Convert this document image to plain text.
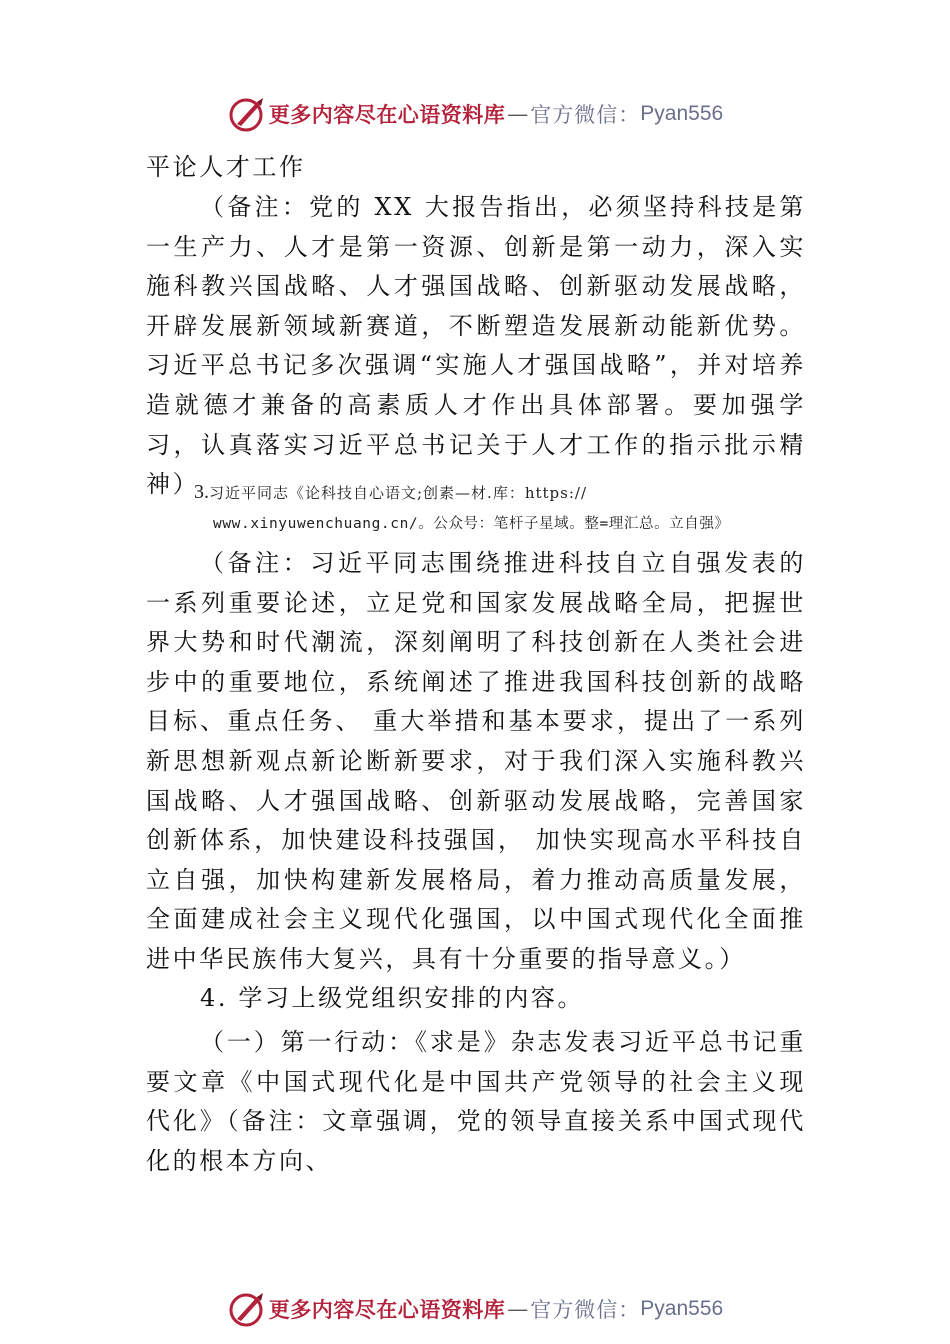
更多内容尽在心语资料库 — 官方微信： Pyan556

平论人才工作

（备注：党的 XX 大报告指出，必须坚持科技是第一生产力、人才是第一资源、创新是第一动力，深入实施科教兴国战略、人才强国战略、创新驱动发展战略，开辟发展新领域新赛道，不断塑造发展新动能新优势。习近平总书记多次强调“实施人才强国战略”，并对培养造就德才兼备的高素质人才作出具体部署。要加强学习，认真落实习近平总书记关于人才工作的指示批示精神）

3.习近平同志《论科技自心语文;创素—材.库：https://

www.xinyuwenchuang.cn/。公众号：笔杆子星域。整=理汇总。立自强》

（备注：习近平同志围绕推进科技自立自强发表的一系列重要论述，立足党和国家发展战略全局，把握世界大势和时代潮流，深刻阐明了科技创新在人类社会进步中的重要地位，系统阐述了推进我国科技创新的战略目标、重点任务、 重大举措和基本要求，提出了一系列新思想新观点新论断新要求，对于我们深入实施科教兴国战略、人才强国战略、创新驱动发展战略，完善国家创新体系，加快建设科技强国， 加快实现高水平科技自立自强，加快构建新发展格局，着力推动高质量发展，全面建成社会主义现代化强国，以中国式现代化全面推进中华民族伟大复兴，具有十分重要的指导意义。）

4. 学习上级党组织安排的内容。

（一）第一行动：《求是》杂志发表习近平总书记重要文章《中国式现代化是中国共产党领导的社会主义现代化》（备注：文章强调，党的领导直接关系中国式现代化的根本方向、

更多内容尽在心语资料库 — 官方微信： Pyan556
